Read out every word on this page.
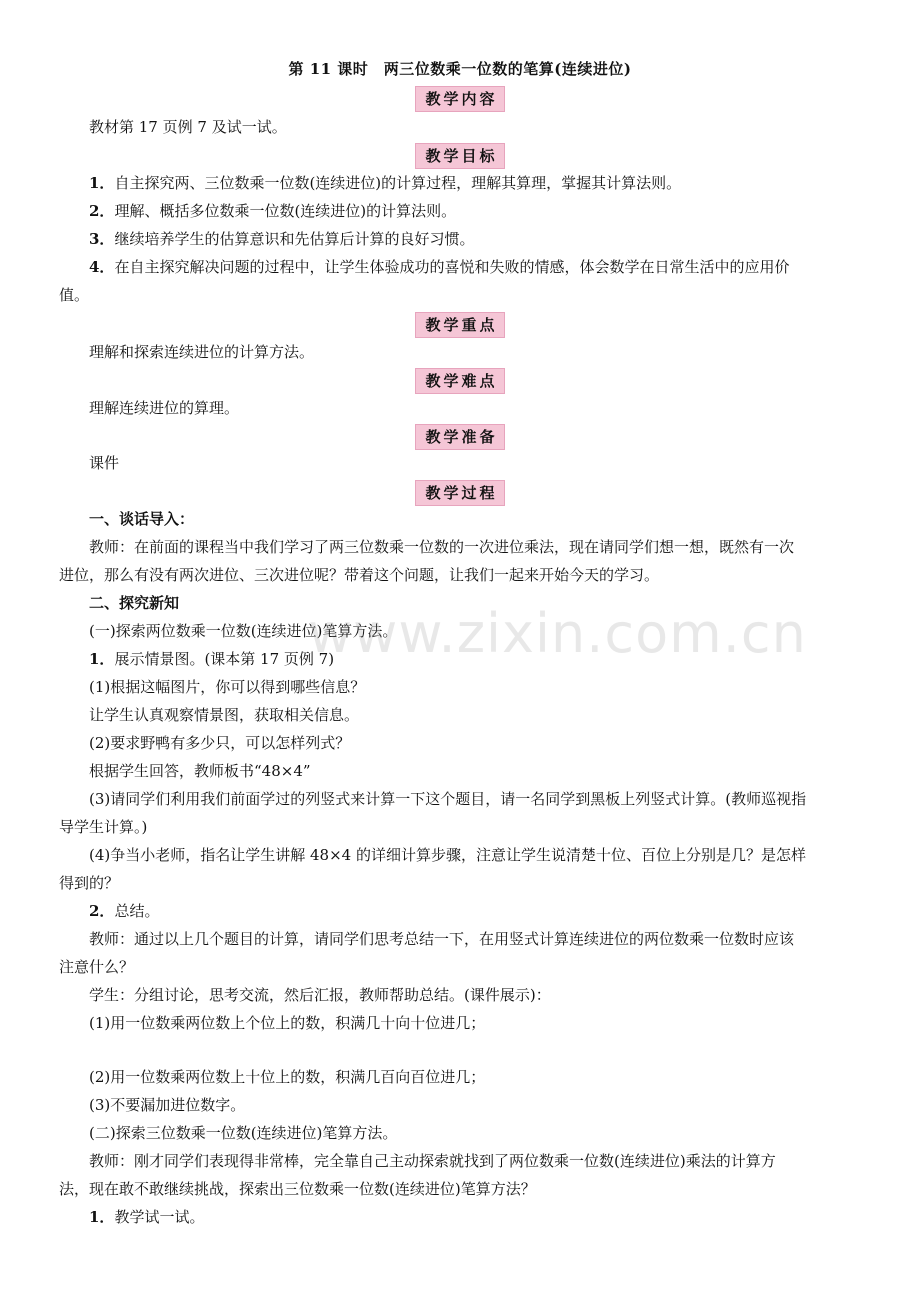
第 11 课时　两三位数乘一位数的笔算(连续进位)
教学内容
教材第 17 页例 7 及试一试。
教学目标
1．自主探究两、三位数乘一位数(连续进位)的计算过程，理解其算理，掌握其计算法则。
2．理解、概括多位数乘一位数(连续进位)的计算法则。
3．继续培养学生的估算意识和先估算后计算的良好习惯。
4．在自主探究解决问题的过程中，让学生体验成功的喜悦和失败的情感，体会数学在日常生活中的应用价
值。
教学重点
理解和探索连续进位的计算方法。
教学难点
理解连续进位的算理。
教学准备
课件
教学过程
一、谈话导入：
教师：在前面的课程当中我们学习了两三位数乘一位数的一次进位乘法，现在请同学们想一想，既然有一次
进位，那么有没有两次进位、三次进位呢？带着这个问题，让我们一起来开始今天的学习。
二、探究新知
(一)探索两位数乘一位数(连续进位)笔算方法。
1．展示情景图。(课本第 17 页例 7)
(1)根据这幅图片，你可以得到哪些信息？
让学生认真观察情景图，获取相关信息。
(2)要求野鸭有多少只，可以怎样列式？
根据学生回答，教师板书“48×4”
(3)请同学们利用我们前面学过的列竖式来计算一下这个题目，请一名同学到黑板上列竖式计算。(教师巡视指
导学生计算。)
(4)争当小老师，指名让学生讲解 48×4 的详细计算步骤，注意让学生说清楚十位、百位上分别是几？是怎样
得到的？
2．总结。
教师：通过以上几个题目的计算，请同学们思考总结一下，在用竖式计算连续进位的两位数乘一位数时应该
注意什么？
学生：分组讨论，思考交流，然后汇报，教师帮助总结。(课件展示)：
(1)用一位数乘两位数上个位上的数，积满几十向十位进几；
(2)用一位数乘两位数上十位上的数，积满几百向百位进几；
(3)不要漏加进位数字。
(二)探索三位数乘一位数(连续进位)笔算方法。
教师：刚才同学们表现得非常棒，完全靠自己主动探索就找到了两位数乘一位数(连续进位)乘法的计算方
法，现在敢不敢继续挑战，探索出三位数乘一位数(连续进位)笔算方法？
1．教学试一试。
www.zixin.com.cn
